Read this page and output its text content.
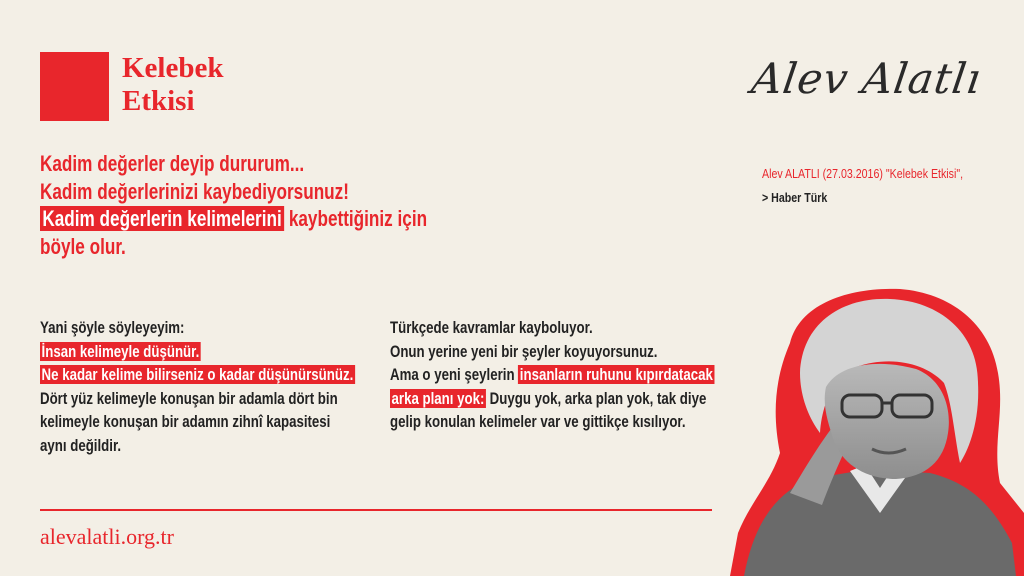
Kelebek
Etkisi	Alev Alatlı
Alev ALATLI (27.03.2016) "Kelebek Etkisi",
> Haber Türk
Kadim değerler deyip dururum...
Kadim değerlerinizi kaybediyorsunuz!
Kadim değerlerin kelimelerini kaybettiğiniz için
böyle olur.
Yani şöyle söyleyeyim:
İnsan kelimeyle düşünür.
Ne kadar kelime bilirseniz o kadar düşünürsünüz.
Dört yüz kelimeyle konuşan bir adamla dört bin
kelimeyle konuşan bir adamın zihnî kapasitesi
aynı değildir.
Türkçede kavramlar kayboluyor.
Onun yerine yeni bir şeyler koyuyorsunuz.
Ama o yeni şeylerin insanların ruhunu kıpırdatacak
arka planı yok: Duygu yok, arka plan yok, tak diye
gelip konulan kelimeler var ve gittikçe kısılıyor.
alevalatli.org.tr
